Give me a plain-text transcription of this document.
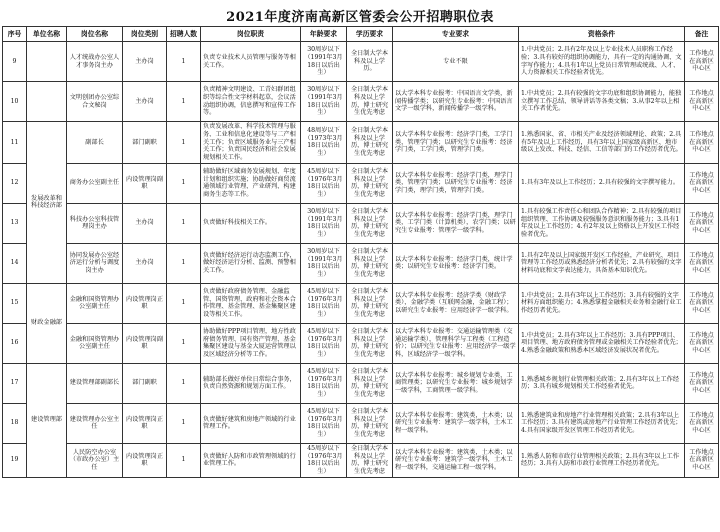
2021年度济南高新区管委会公开招聘职位表
序号	单位名称	岗位名称	岗位类别	招聘人数	岗位职责	年龄要求	学历要求	专业要求	资格条件	备注
9		人才统战办公室人才事务岗主办	主办岗	1	负责专业技术人员管理与服务等相关工作。	30周岁以下（1991年3月18日以后出生）	全日制大学本科及以上学历。	专业不限	1.中共党员；2.具有2年及以上专业技术人员职称工作经验；3.具有较好的组织协调能力，具有一定的沟通协调、文字写作能力；4.具有1年以上党员日常管理或统战、人才、人力资源相关工作经验者优先。	工作地点在高新区中心区
10		文明创团办公室综合文秘岗	主办岗	1	负责精神文明建设、工青妇群团组织等综合性文字材料起草，会议活动组织协调，信息撰写和宣传工作等。	30周岁以下（1991年3月18日以后出生）	全日制大学本科及以上学历，博士研究生优先考虑	以大学本科专业报考：中国语言文学类，新闻传播学类；以研究生专业报考：中国语言文学一级学科，新闻传播学一级学科。	1.中共党员；2.具有较强的文字功底和组织协调能力，能独立撰写工作总结、领导讲话等各类文稿；3.从事2年以上相关工作者优先。	工作地点在高新区中心区
11	发展改革和科技经济部	副部长	部门副职	1	负责发展改革、科学技术管理与服务、工业和信息化建设等与二产相关工作；负责区域服务业与三产相关工作；负责国民经济和社会发展规划相关工作。	48周岁以下（1973年3月18日以后出生）	全日制大学本科及以上学历，博士研究生优先考虑	以大学本科专业报考：经济学门类，工学门类，管理学门类；以研究生专业报考：经济学门类，工学门类，管理学门类。	1.熟悉国家、省、市相关产业及经济领域理论、政策；2.具有5年及以上工作经历，具有3年以上国家级高新区、地市级以上发改、科技、经信、工信等部门的工作经历者优先。	工作地点在高新区中心区
12		商务办公室副主任	内设管理岗副职	1	辅助做好区域商务发展规划、年度计划和组织实施；协助做好商贸流通领域行业管理、产业研判、构建商务生态等工作。	45周岁以下（1976年3月18日以后出生）	全日制大学本科及以上学历，博士研究生优先考虑	以大学本科专业报考：经济学门类，理学门类，管理学门类；以研究生专业报考：经济学门类，理学门类，管理学门类。	1.具有3年及以上工作经历；2.具有较强的文字撰写能力。	工作地点在高新区中心区
13		科技办公室科技管理岗主办	主办岗	1	负责做好科技相关工作。	30周岁以下（1991年3月18日以后出生）	全日制大学本科及以上学历，博士研究生优先考虑	以大学本科专业报考：经济学门类，理学门类，工学门类（计算机类），农学门类；以研究生专业报考：管理学一级学科。	1.具有较强工作责任心和团队合作精神；2.具有较强的项目组织管理、工作协调及较强服务意识和服务能力；3.具有1年及以上工作经历；4.有2年及以上资格以上开发区工作经验者优先。	工作地点在高新区中心区
14		协同发展办公室经济运行分析与调度岗主办	主办岗	1	负责做好经济运行动态监测工作，做好经济运行分析、监测、预警相关工作。	30周岁以下（1991年3月18日以后出生）	全日制大学本科及以上学历，博士研究生优先考虑	以大学本科专业报考：经济学门类，统计学类；以研究生专业报考：经济学门类。	1.具有2年及以上国家级开发区工作经验，产业研究、项目管理等工作经历或熟悉经济分析者优先；2.具有较强的文字材料功底和文字表达能力，具备基本知识优先。	工作地点在高新区中心区
15	财政金融部	金融和国资管理办公室副主任	内设管理岗正职	1	负责做好政府债务管理、金融监管、国资管理、政府和社会资本合作管理、基金管理、基金集聚区建设等相关工作。	45周岁以下（1976年3月18日以后出生）	全日制大学本科及以上学历，博士研究生优先考虑	以大学本科专业报考：经济学类（财政学类），金融学类（互联网金融，金融工程）；以研究生专业报考：应用经济学一级学科。	1.中共党员；2.具有3年以上工作经历；3.具有较强的文字材料方面组织能力；4.熟悉掌握金融相关业务和金融行业工作经历者优先。	工作地点在高新区中心区
16		金融和国资管理办公室副主任	内设管理岗副职	1	协助做好PPP项目管理，地方性政府债务管理、国有资产管理、基金集聚区建设与基金大厦运营管理以及区域经济分析等工作。	45周岁以下（1976年3月18日以后出生）	全日制大学本科及以上学历，博士研究生优先考虑	以大学本科专业报考：交通运输管理类（交通运输学类），管理科学与工程类（工程造价）；以研究生专业报考：应用经济学一级学科，区域经济学一级学科。	1.中共党员；2.具有3年以上工作经历；3.具有PPP项目、项目管理、地方政府债务管理或金融相关工作经验者优先；4.熟悉金融政策和熟悉本区域经济发展状况者优先。	工作地点在高新区中心区
17	建设管理部	建设管理部副部长	部门副职	1	辅助部长做好单位日常综合事务，负责自然资源和规划方面工作。	45周岁以下（1976年3月18日以后出生）	全日制大学本科及以上学历，博士研究生优先考虑	以大学本科专业报考：城乡规划专业类，工商管理类；以研究生专业报考：城乡规划学一级学科，工商管理一级学科。	1.熟悉城乡规划行业管理相关政策；2.具有3年以上工作经历；3.具有城乡规划相关工作经验者优先。	工作地点在高新区中心区
18		建设管理办公室主任	内设管理岗正职	1	负责做好建筑和房地产领域的行业管理工作。	45周岁以下（1976年3月18日以后出生）	全日制大学本科及以上学历，博士研究生优先考虑	以大学本科专业报考：建筑类，土木类；以研究生专业报考：建筑学一级学科，土木工程一级学科。	1.熟悉建筑业和房地产行业管理相关政策；2.具有3年以上工作经历；3.具有建筑或房地产行业管理工作经历者优先；4.具有国家级开发区管理工作经历者优先。	工作地点在高新区中心区
19		人民防空办公室（市政办公室）主任	内设管理岗正职	1	负责做好人防和市政管理领域的行业管理工作。	45周岁以下（1976年3月18日以后出生）	全日制大学本科及以上学历，博士研究生优先考虑	以大学本科专业报考：建筑类，土木类；以研究生专业报考：建筑学一级学科，土木工程一级学科，交通运输工程一级学科。	1.熟悉人防和市政行业管理相关政策；2.具有3年以上工作经历；3.具有人防和市政行业管理工作经历者优先。	工作地点在高新区中心区
